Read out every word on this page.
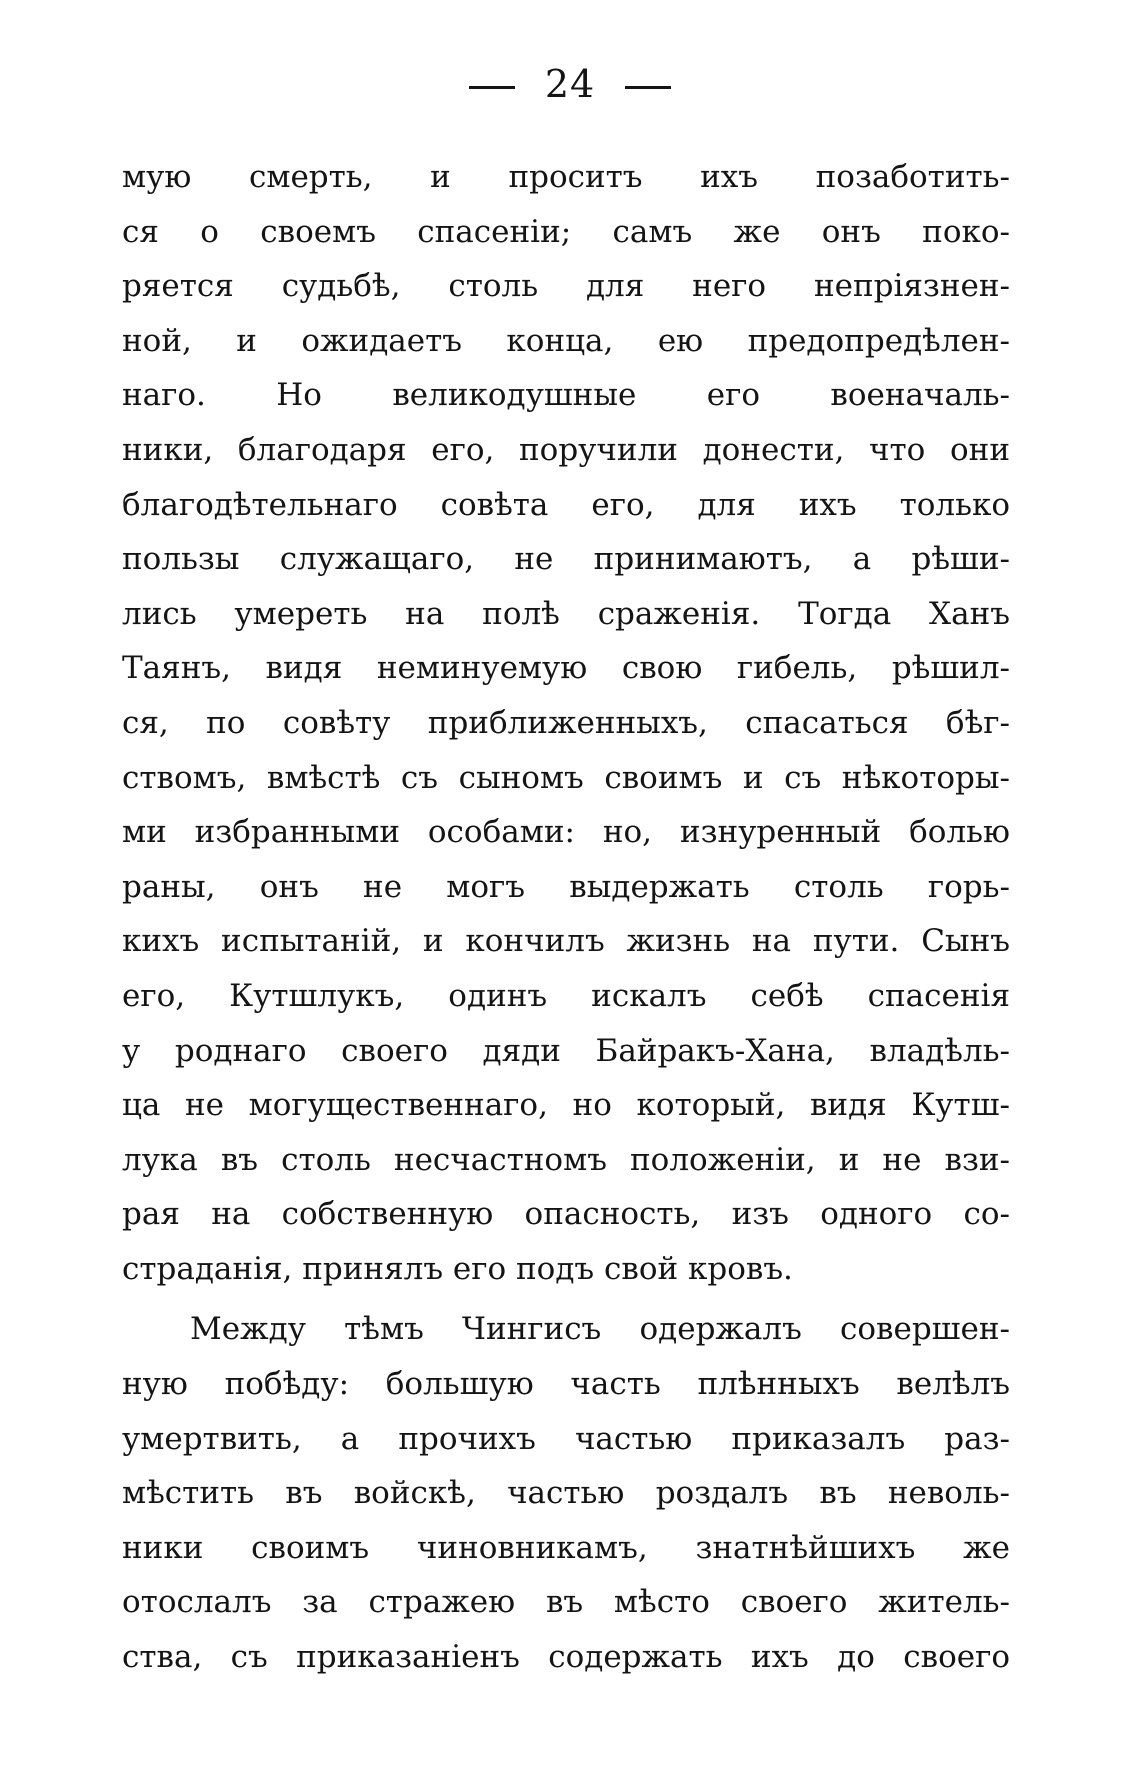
24
мую смерть, и проситъ ихъ позаботить-
ся о своемъ спасенiи; самъ же онъ поко-
ряется судьбѣ, столь для него непрiязнен-
ной, и ожидаетъ конца, ею предопредѣлен-
наго. Но великодушные его военачаль-
ники, благодаря его, поручили донести, что они
благодѣтельнаго совѣта его, для ихъ только
пользы служащаго, не принимаютъ, а рѣши-
лись умереть на полѣ сраженiя. Тогда Ханъ
Таянъ, видя неминуемую свою гибель, рѣшил-
ся, по совѣту приближенныхъ, спасаться бѣг-
ствомъ, вмѣстѣ съ сыномъ своимъ и съ нѣкоторы-
ми избранными особами: но, изнуренный болью
раны, онъ не могъ выдержать столь горь-
кихъ испытанiй, и кончилъ жизнь на пути. Сынъ
его, Кутшлукъ, одинъ искалъ себѣ спасенiя
у роднаго своего дяди Байракъ-Хана, владѣль-
ца не могущественнаго, но который, видя Кутш-
лука въ столь несчастномъ положенiи, и не взи-
рая на собственную опасность, изъ одного со-
страданiя, принялъ его подъ свой кровъ.
Между тѣмъ Чингисъ одержалъ совершен-
ную побѣду: большую часть плѣнныхъ велѣлъ
умертвить, а прочихъ частью приказалъ раз-
мѣстить въ войскѣ, частью роздалъ въ неволь-
ники своимъ чиновникамъ, знатнѣйшихъ же
отослалъ за стражею въ мѣсто своего житель-
ства, съ приказанiенъ содержать ихъ до своего
